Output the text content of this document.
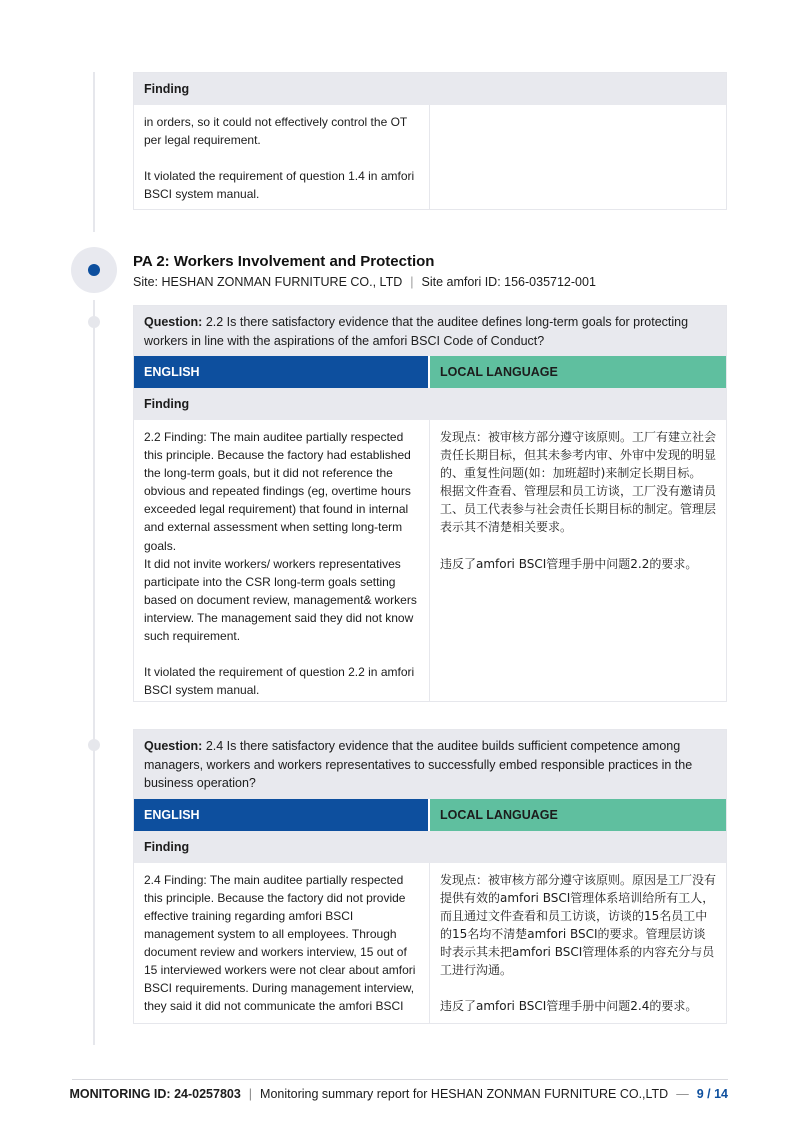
Finding

in orders, so it could not effectively control the OT

per legal requirement.

It violated the requirement of question 1.4 in amfori

BSCI system manual.

PA 2: Workers Involvement and Protection
Site: HESHAN ZONMAN FURNITURE CO., LTD | Site amfori ID: 156-035712-001
Question: 2.2 Is there satisfactory evidence that the auditee defines long-term goals for protecting workers in line with the aspirations of the amfori BSCI Code of Conduct?
ENGLISH	LOCAL LANGUAGE
Finding

2.2 Finding: The main auditee partially respected this principle. Because the factory had established the long-term goals, but it did not reference the obvious and repeated findings (eg, overtime hours exceeded legal requirement) that found in internal and external assessment when setting long-term goals.

It did not invite workers/ workers representatives participate into the CSR long-term goals setting based on document review, management& workers interview. The management said they did not know such requirement.

It violated the requirement of question 2.2 in amfori BSCI system manual.

发现点：被审核方部分遵守该原则。工厂有建立社会责任长期目标，但其未参考内审、外审中发现的明显的、重复性问题(如：加班超时)来制定长期目标。

根据文件查看、管理层和员工访谈，工厂没有邀请员工、员工代表参与社会责任长期目标的制定。管理层表示其不清楚相关要求。

违反了amfori BSCI管理手册中问题2.2的要求。

Question: 2.4 Is there satisfactory evidence that the auditee builds sufficient competence among managers, workers and workers representatives to successfully embed responsible practices in the business operation?
ENGLISH	LOCAL LANGUAGE
Finding

2.4 Finding: The main auditee partially respected this principle. Because the factory did not provide effective training regarding amfori BSCI management system to all employees. Through document review and workers interview, 15 out of 15 interviewed workers were not clear about amfori BSCI requirements. During management interview, they said it did not communicate the amfori BSCI

发现点：被审核方部分遵守该原则。原因是工厂没有提供有效的amfori BSCI管理体系培训给所有工人，而且通过文件查看和员工访谈，访谈的15名员工中的15名均不清楚amfori BSCI的要求。管理层访谈时表示其未把amfori BSCI管理体系的内容充分与员工进行沟通。

违反了amfori BSCI管理手册中问题2.4的要求。

MONITORING ID: 24-0257803 | Monitoring summary report for HESHAN ZONMAN FURNITURE CO.,LTD — 9 / 14
